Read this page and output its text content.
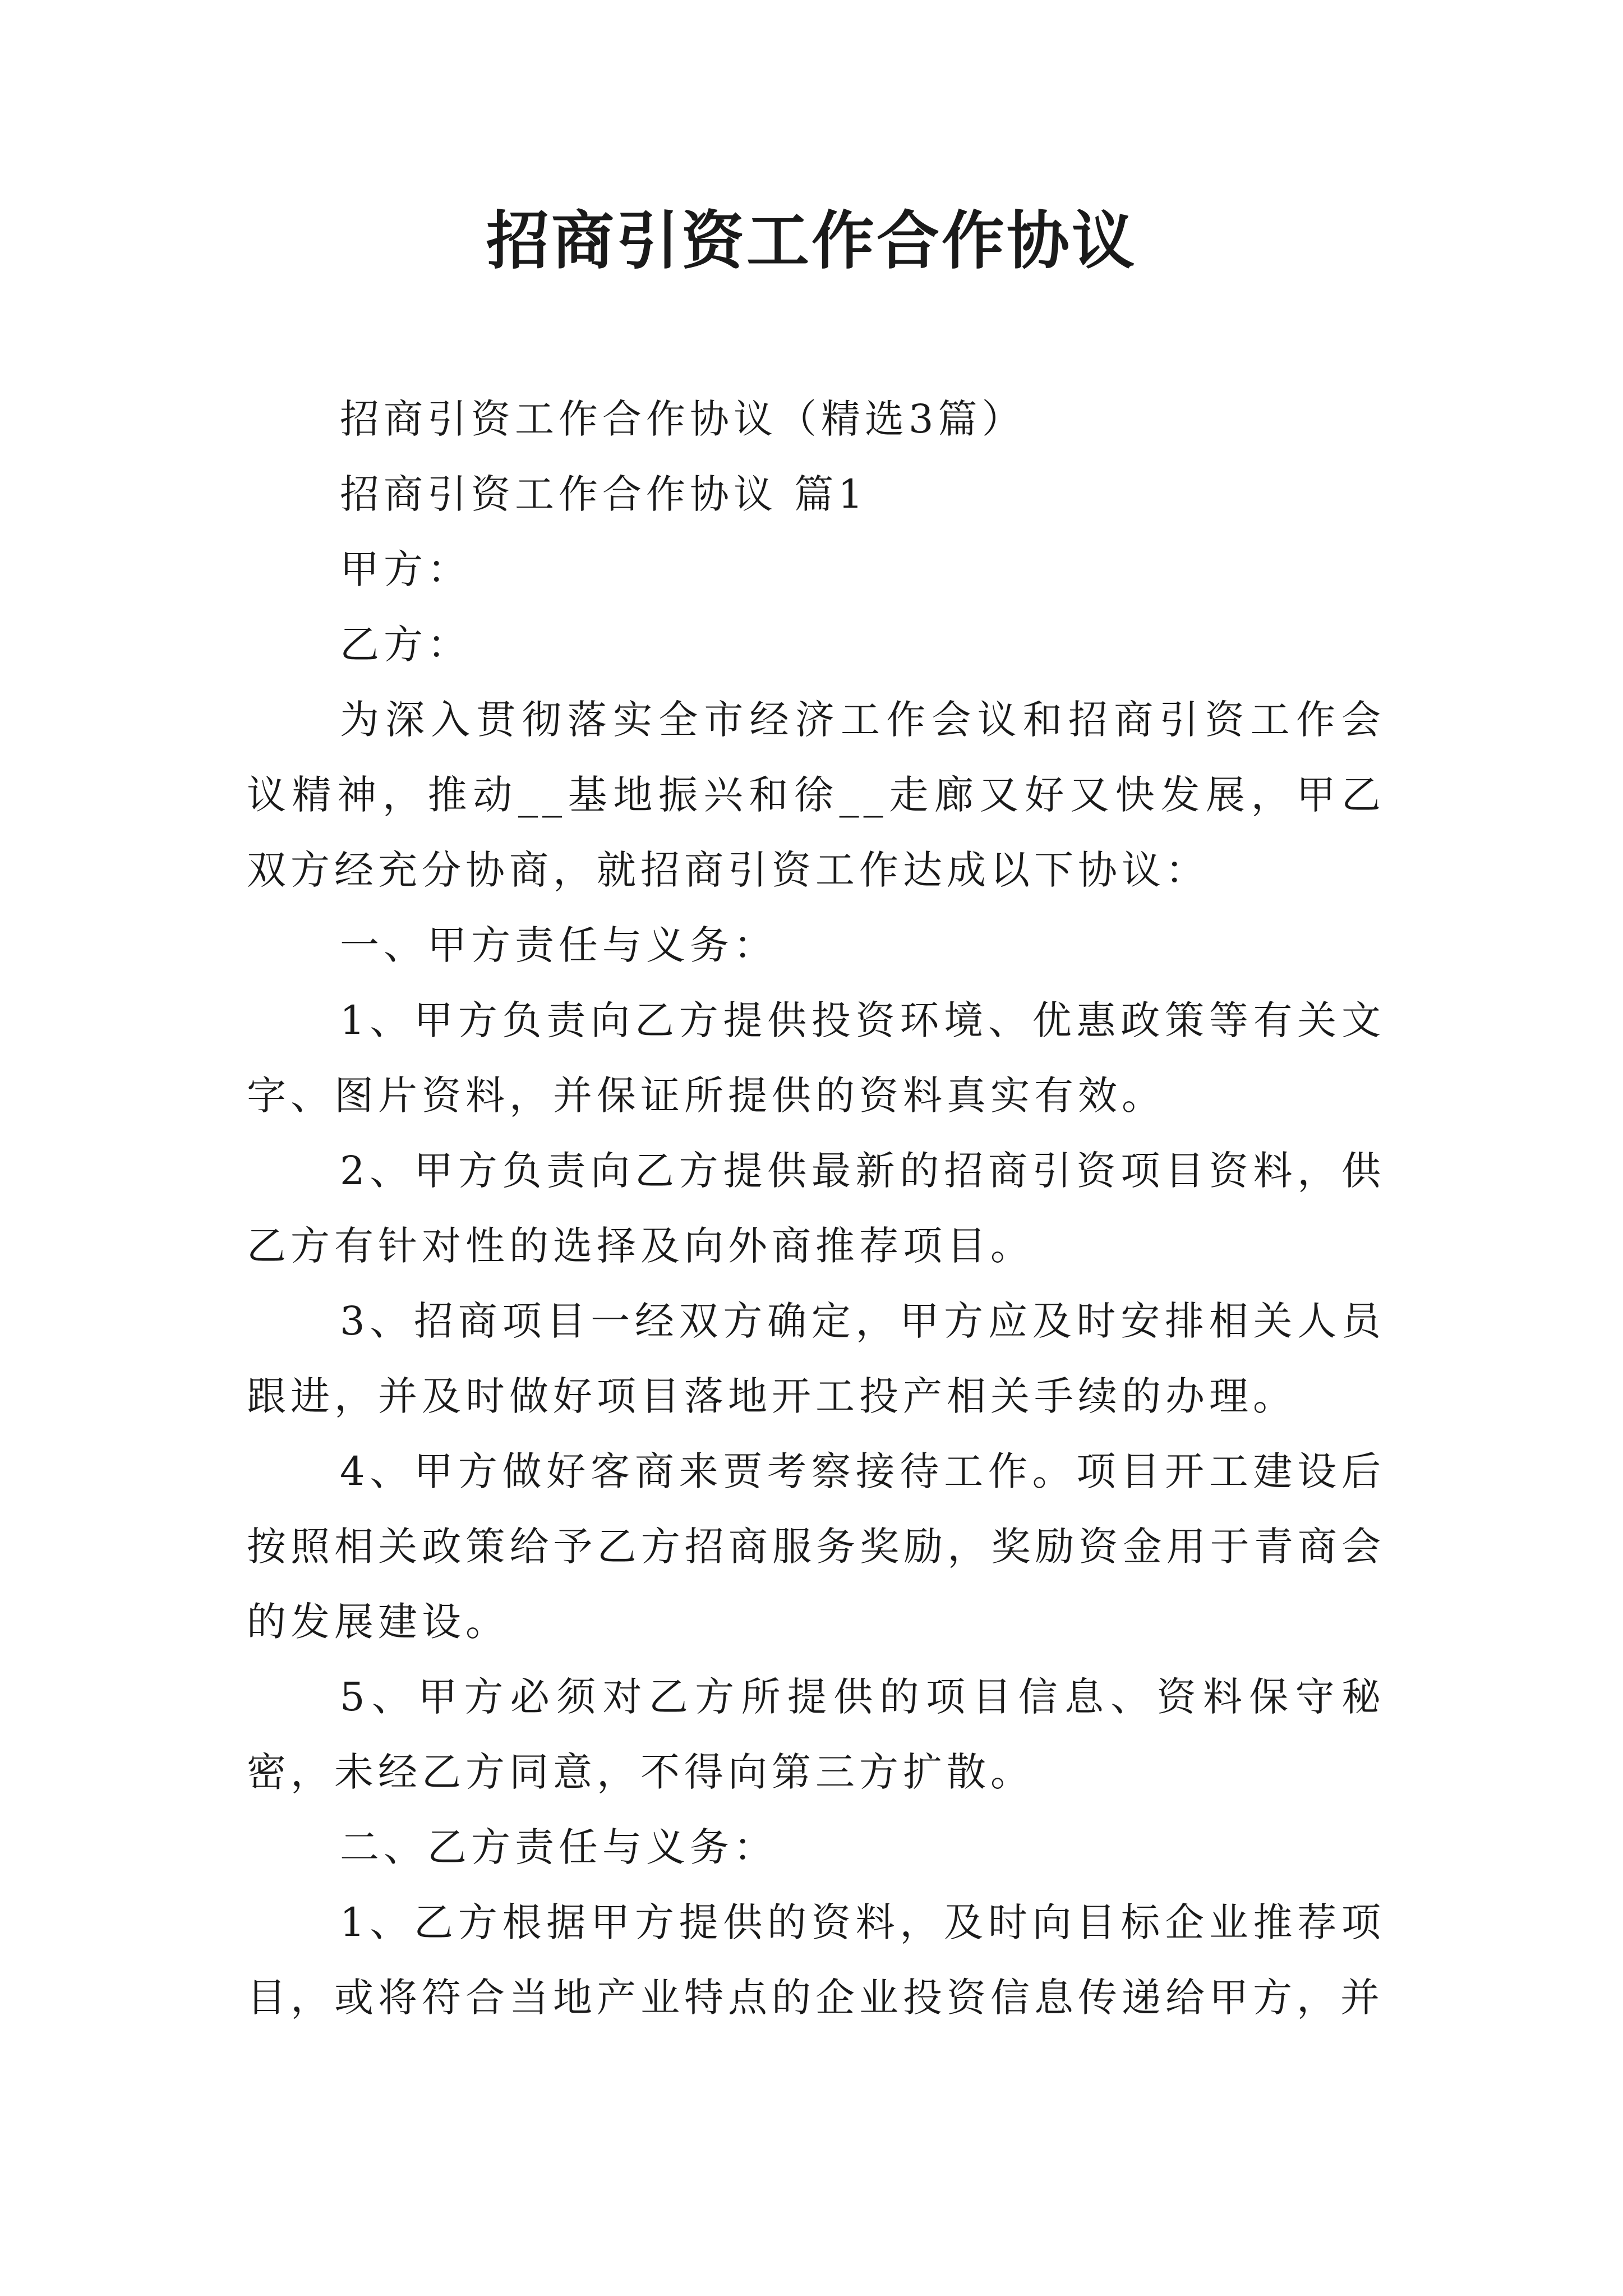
招商引资工作合作协议

招商引资工作合作协议（精选3篇）

招商引资工作合作协议 篇1

甲方：

乙方：

为深入贯彻落实全市经济工作会议和招商引资工作会议精神，推动__基地振兴和徐__走廊又好又快发展，甲乙双方经充分协商，就招商引资工作达成以下协议：

一、甲方责任与义务：

1、甲方负责向乙方提供投资环境、优惠政策等有关文字、图片资料，并保证所提供的资料真实有效。

2、甲方负责向乙方提供最新的招商引资项目资料，供乙方有针对性的选择及向外商推荐项目。

3、招商项目一经双方确定，甲方应及时安排相关人员跟进，并及时做好项目落地开工投产相关手续的办理。

4、甲方做好客商来贾考察接待工作。项目开工建设后按照相关政策给予乙方招商服务奖励，奖励资金用于青商会的发展建设。

5、甲方必须对乙方所提供的项目信息、资料保守秘密，未经乙方同意，不得向第三方扩散。

二、乙方责任与义务：

1、乙方根据甲方提供的资料，及时向目标企业推荐项目，或将符合当地产业特点的企业投资信息传递给甲方，并
